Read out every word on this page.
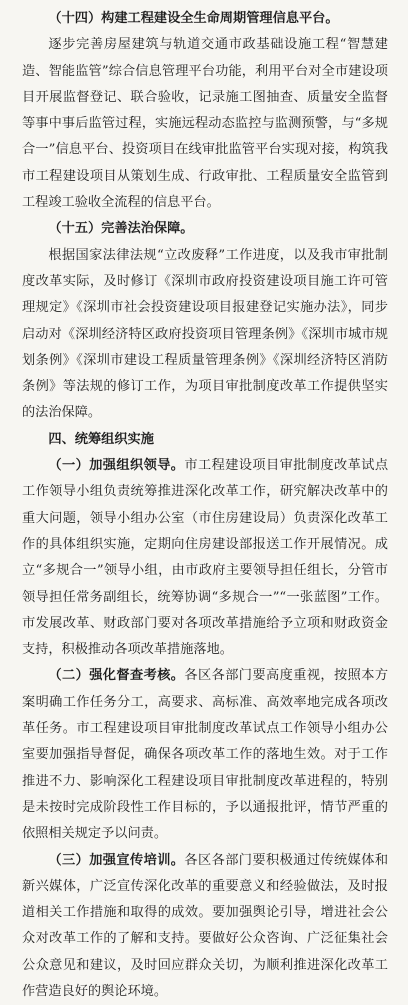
（十四）构建工程建设全生命周期管理信息平台。

逐步完善房屋建筑与轨道交通市政基础设施工程“智慧建造、智能监管”综合信息管理平台功能，利用平台对全市建设项目开展监督登记、联合验收，记录施工图抽查、质量安全监督等事中事后监管过程，实施远程动态监控与监测预警，与“多规合一”信息平台、投资项目在线审批监管平台实现对接，构筑我市工程建设项目从策划生成、行政审批、工程质量安全监管到工程竣工验收全流程的信息平台。

（十五）完善法治保障。

根据国家法律法规“立改废释”工作进度，以及我市审批制度改革实际，及时修订《深圳市政府投资建设项目施工许可管理规定》《深圳市社会投资建设项目报建登记实施办法》，同步启动对《深圳经济特区政府投资项目管理条例》《深圳市城市规划条例》《深圳市建设工程质量管理条例》《深圳经济特区消防条例》等法规的修订工作，为项目审批制度改革工作提供坚实的法治保障。

四、统筹组织实施

（一）加强组织领导。市工程建设项目审批制度改革试点工作领导小组负责统筹推进深化改革工作，研究解决改革中的重大问题，领导小组办公室（市住房建设局）负责深化改革工作的具体组织实施，定期向住房建设部报送工作开展情况。成立“多规合一”领导小组，由市政府主要领导担任组长，分管市领导担任常务副组长，统筹协调“多规合一”“一张蓝图”工作。市发展改革、财政部门要对各项改革措施给予立项和财政资金支持，积极推动各项改革措施落地。

（二）强化督查考核。各区各部门要高度重视，按照本方案明确工作任务分工，高要求、高标准、高效率地完成各项改革任务。市工程建设项目审批制度改革试点工作领导小组办公室要加强指导督促，确保各项改革工作的落地生效。对于工作推进不力、影响深化工程建设项目审批制度改革进程的，特别是未按时完成阶段性工作目标的，予以通报批评，情节严重的依照相关规定予以问责。

（三）加强宣传培训。各区各部门要积极通过传统媒体和新兴媒体，广泛宣传深化改革的重要意义和经验做法，及时报道相关工作措施和取得的成效。要加强舆论引导，增进社会公众对改革工作的了解和支持。要做好公众咨询、广泛征集社会公众意见和建议，及时回应群众关切，为顺利推进深化改革工作营造良好的舆论环境。
